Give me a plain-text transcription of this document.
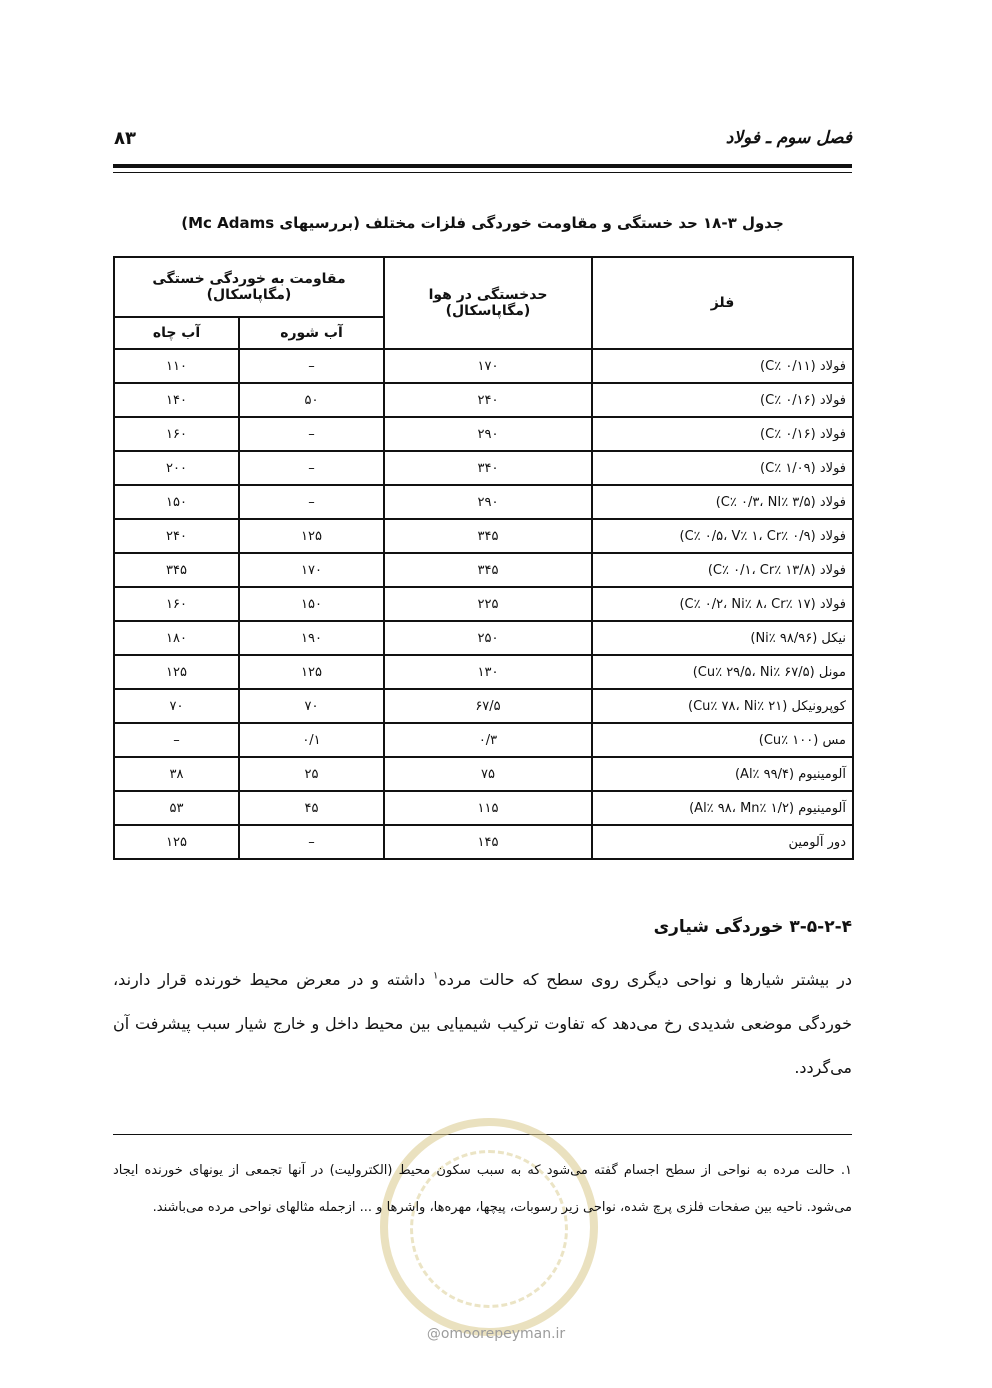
فصل سوم ـ فولاد
۸۳
جدول ۳-۱۸ حد خستگی و مقاومت خوردگی فلزات مختلف (بررسیهای Mc Adams)
فلز	حدخستگی در هوا (مگاپاسکال)	مقاومت به خوردگی خستگی (مگاپاسکال)	
		آب شوره	آب چاه
فولاد (C٪ ۰/۱۱)	۱۷۰	–	۱۱۰
فولاد (C٪ ۰/۱۶)	۲۴۰	۵۰	۱۴۰
فولاد (C٪ ۰/۱۶)	۲۹۰	–	۱۶۰
فولاد (C٪ ۱/۰۹)	۳۴۰	–	۲۰۰
فولاد (C٪ ۰/۳، NI٪ ۳/۵)	۲۹۰	–	۱۵۰
فولاد (C٪ ۰/۵، V٪ ۱، Cr٪ ۰/۹)	۳۴۵	۱۲۵	۲۴۰
فولاد (C٪ ۰/۱، Cr٪ ۱۳/۸)	۳۴۵	۱۷۰	۳۴۵
فولاد (C٪ ۰/۲، Ni٪ ۸، Cr٪ ۱۷)	۲۲۵	۱۵۰	۱۶۰
نیکل (Ni٪ ۹۸/۹۶)	۲۵۰	۱۹۰	۱۸۰
مونل (Cu٪ ۲۹/۵، Ni٪ ۶۷/۵)	۱۳۰	۱۲۵	۱۲۵
کوپرونیکل (Cu٪ ۷۸، Ni٪ ۲۱)	۶۷/۵	۷۰	۷۰
مس (Cu٪ ۱۰۰)	۰/۳	۰/۱	–
آلومینیوم (Al٪ ۹۹/۴)	۷۵	۲۵	۳۸
آلومینیوم (Al٪ ۹۸، Mn٪ ۱/۲)	۱۱۵	۴۵	۵۳
دور آلومین	۱۴۵	–	۱۲۵
۳-۵-۲-۴ خوردگی شیاری
در بیشتر شیارها و نواحی دیگری روی سطح که حالت مرده$^۱$ داشته و در معرض محیط خورنده قرار دارند، خوردگی موضعی شدیدی رخ می‌دهد که تفاوت ترکیب شیمیایی بین محیط داخل و خارج شیار سبب پیشرفت آن می‌گردد.
۱. حالت مرده به نواحی از سطح اجسام گفته می‌شود که به سبب سکون محیط (الکترولیت) در آنها تجمعی از یونهای خورنده ایجاد می‌شود. ناحیه بین صفحات فلزی پرچ شده، نواحی زیر رسوبات، پیچها، مهره‌ها، واشرها و ... ازجمله مثالهای نواحی مرده می‌باشند.
@omoorepeyman.ir
